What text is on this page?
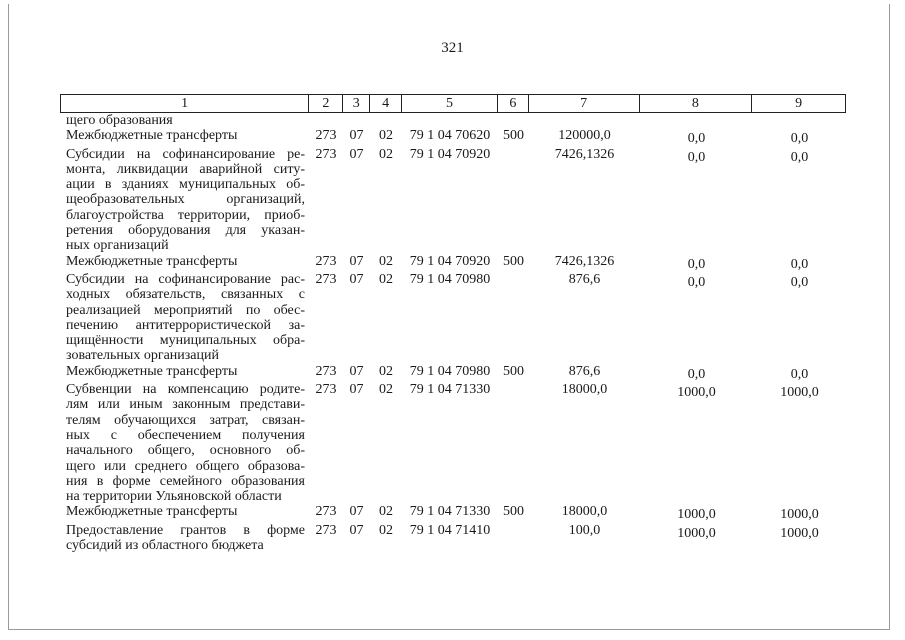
321
1	2	3	4	5	6	7	8	9
щего образования
Межбюджетные трансферты	273 07	02	79 1 04 70620 500	120000,0	0,0	0,0
Субсидии на софинансирование ре-
монта, ликвидации аварийной ситу-
ации в зданиях муниципальных об-
щеобразовательных организаций,
благоустройства территории, приоб-
ретения оборудования для указан-
ных организаций
273 07	02	79 1 04 70920	7426,1326	0,0	0,0
Межбюджетные трансферты	273 07	02	79 1 04 70920 500	7426,1326	0,0	0,0
Субсидии на софинансирование рас-
ходных обязательств, связанных с
реализацией мероприятий по обес-
печению антитеррористической за-
щищённости муниципальных обра-
зовательных организаций
273 07	02	79 1 04 70980	876,6	0,0	0,0
Межбюджетные трансферты	273 07	02	79 1 04 70980 500	876,6	0,0	0,0
Субвенции на компенсацию родите-
лям или иным законным представи-
телям обучающихся затрат, связан-
ных с обеспечением получения
начального общего, основного об-
щего или среднего общего образова-
ния в форме семейного образования
на территории Ульяновской области
273 07	02	79 1 04 71330	18000,0	1000,0	1000,0
Межбюджетные трансферты	273 07	02	79 1 04 71330 500	18000,0	1000,0	1000,0
Предоставление грантов в форме
субсидий из областного бюджета
273 07	02	79 1 04 71410	100,0	1000,0	1000,0
